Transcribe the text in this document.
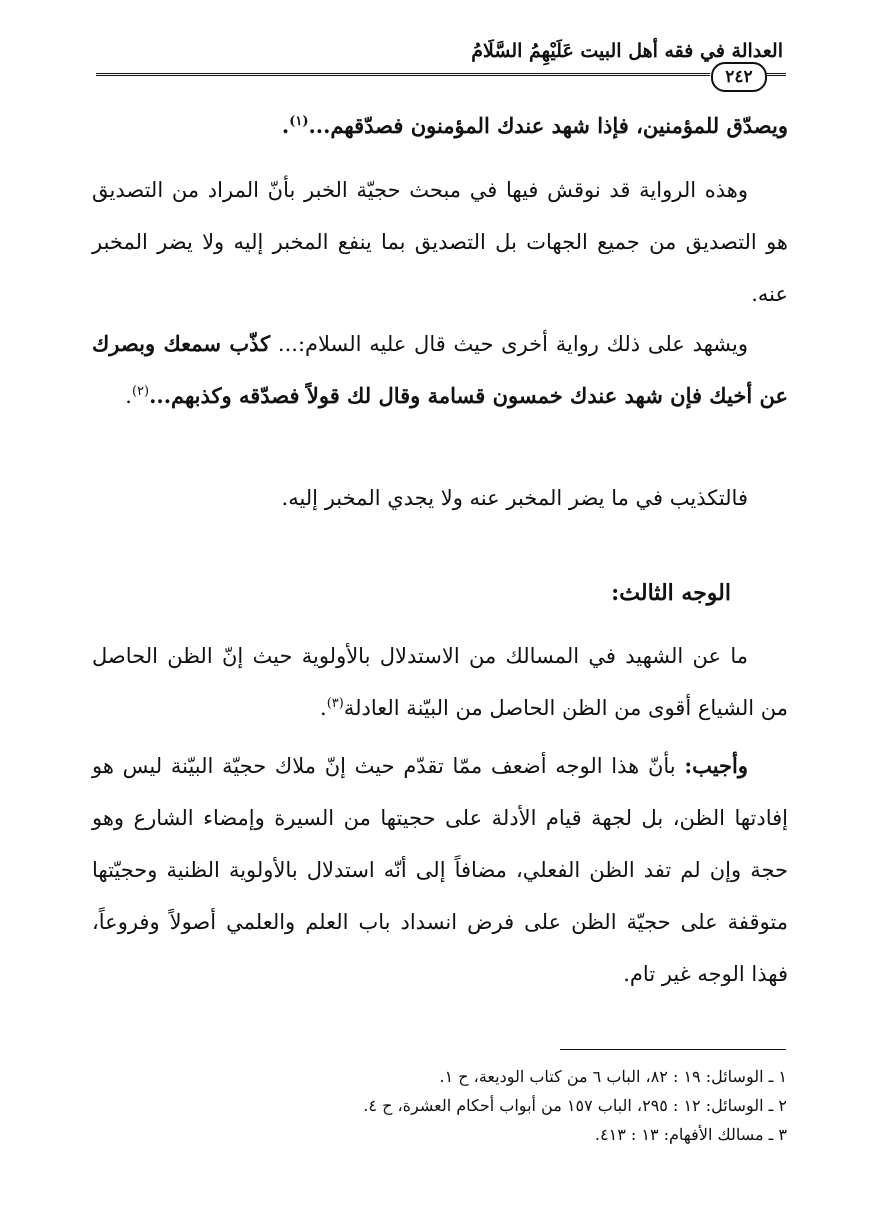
العدالة في فقه أهل البيت عَلَيْهِمُ السَّلَامُ
٢٤٢
ويصدّق للمؤمنين، فإذا شهد عندك المؤمنون فصدّقهم...$^{(١)}$.
وهذه الرواية قد نوقش فيها في مبحث حجيّة الخبر بأنّ المراد من التصديق هو التصديق من جميع الجهات بل التصديق بما ينفع المخبر إليه ولا يضر المخبر عنه.
ويشهد على ذلك رواية أخرى حيث قال عليه السلام:... كذّب سمعك وبصرك عن أخيك فإن شهد عندك خمسون قسامة وقال لك قولاً فصدّقه وكذبهم...$^{(٢)}$.
فالتكذيب في ما يضر المخبر عنه ولا يجدي المخبر إليه.
الوجه الثالث:
ما عن الشهيد في المسالك من الاستدلال بالأولوية حيث إنّ الظن الحاصل من الشياع أقوى من الظن الحاصل من البيّنة العادلة$^{(٣)}$.
وأجيب: بأنّ هذا الوجه أضعف ممّا تقدّم حيث إنّ ملاك حجيّة البيّنة ليس هو إفادتها الظن، بل لجهة قيام الأدلة على حجيتها من السيرة وإمضاء الشارع وهو حجة وإن لم تفد الظن الفعلي، مضافاً إلى أنّه استدلال بالأولوية الظنية وحجيّتها متوقفة على حجيّة الظن على فرض انسداد باب العلم والعلمي أصولاً وفروعاً، فهذا الوجه غير تام.
١ ـ الوسائل: ١٩ : ٨٢، الباب ٦ من كتاب الوديعة، ح ١.
٢ ـ الوسائل: ١٢ : ٢٩٥، الباب ١٥٧ من أبواب أحكام العشرة، ح ٤.
٣ ـ مسالك الأفهام: ١٣ : ٤١٣.
